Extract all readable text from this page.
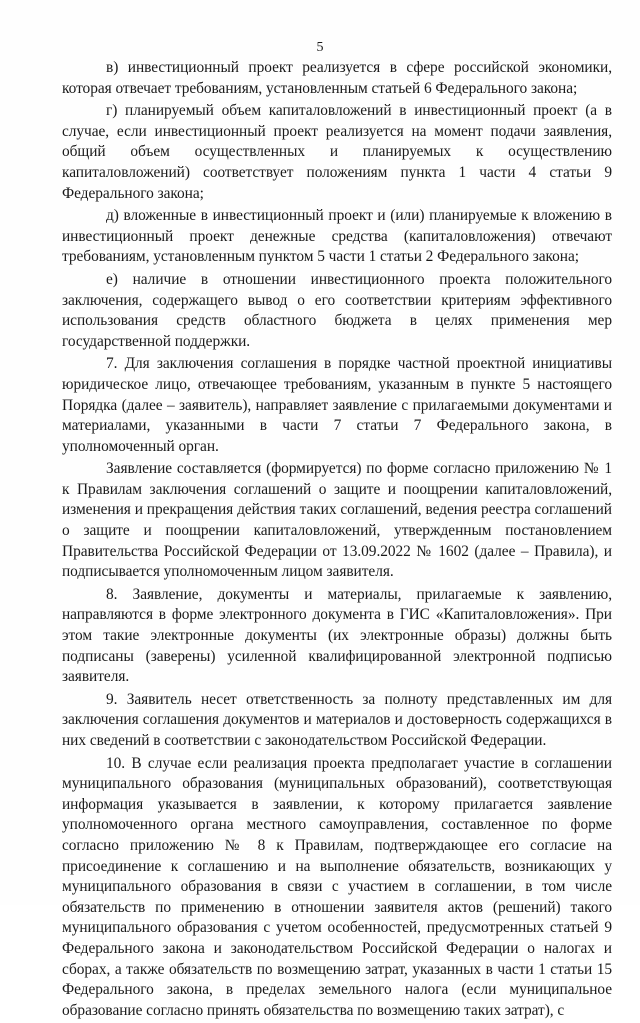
5

в) инвестиционный проект реализуется в сфере российской экономики, которая отвечает требованиям, установленным статьей 6 Федерального закона;

г) планируемый объем капиталовложений в инвестиционный проект (а в случае, если инвестиционный проект реализуется на момент подачи заявления, общий объем осуществленных и планируемых к осуществлению капиталовложений) соответствует положениям пункта 1 части 4 статьи 9 Федерального закона;

д) вложенные в инвестиционный проект и (или) планируемые к вложению в инвестиционный проект денежные средства (капиталовложения) отвечают требованиям, установленным пунктом 5 части 1 статьи 2 Федерального закона;

е) наличие в отношении инвестиционного проекта положительного заключения, содержащего вывод о его соответствии критериям эффективного использования средств областного бюджета в целях применения мер государственной поддержки.

7. Для заключения соглашения в порядке частной проектной инициативы юридическое лицо, отвечающее требованиям, указанным в пункте 5 настоящего Порядка (далее – заявитель), направляет заявление с прилагаемыми документами и материалами, указанными в части 7 статьи 7 Федерального закона, в уполномоченный орган.

Заявление составляется (формируется) по форме согласно приложению № 1 к Правилам заключения соглашений о защите и поощрении капиталовложений, изменения и прекращения действия таких соглашений, ведения реестра соглашений о защите и поощрении капиталовложений, утвержденным постановлением Правительства Российской Федерации от 13.09.2022 № 1602 (далее – Правила), и подписывается уполномоченным лицом заявителя.

8. Заявление, документы и материалы, прилагаемые к заявлению, направляются в форме электронного документа в ГИС «Капиталовложения». При этом такие электронные документы (их электронные образы) должны быть подписаны (заверены) усиленной квалифицированной электронной подписью заявителя.

9. Заявитель несет ответственность за полноту представленных им для заключения соглашения документов и материалов и достоверность содержащихся в них сведений в соответствии с законодательством Российской Федерации.

10. В случае если реализация проекта предполагает участие в соглашении муниципального образования (муниципальных образований), соответствующая информация указывается в заявлении, к которому прилагается заявление уполномоченного органа местного самоуправления, составленное по форме согласно приложению № 8 к Правилам, подтверждающее его согласие на присоединение к соглашению и на выполнение обязательств, возникающих у муниципального образования в связи с участием в соглашении, в том числе обязательств по применению в отношении заявителя актов (решений) такого муниципального образования с учетом особенностей, предусмотренных статьей 9 Федерального закона и законодательством Российской Федерации о налогах и сборах, а также обязательств по возмещению затрат, указанных в части 1 статьи 15 Федерального закона, в пределах земельного налога (если муниципальное образование согласно принять обязательства по возмещению таких затрат), с
